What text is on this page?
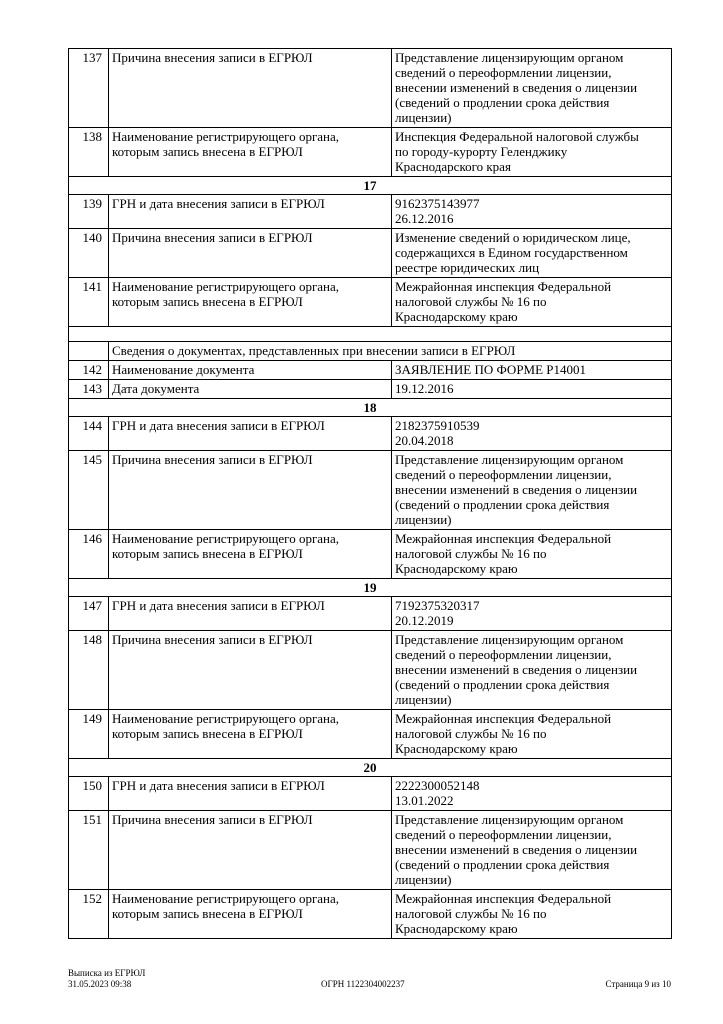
137	Причина внесения записи в ЕГРЮЛ	Представление лицензирующим органом
сведений о переоформлении лицензии,
внесении изменений в сведения о лицензии
(сведений о продлении срока действия
лицензии)
138	Наименование регистрирующего органа,
которым запись внесена в ЕГРЮЛ	Инспекция Федеральной налоговой службы
по городу-курорту Геленджику
Краснодарского края
17		
139	ГРН и дата внесения записи в ЕГРЮЛ	9162375143977
26.12.2016
140	Причина внесения записи в ЕГРЮЛ	Изменение сведений о юридическом лице,
содержащихся в Едином государственном
реестре юридических лиц
141	Наименование регистрирующего органа,
которым запись внесена в ЕГРЮЛ	Межрайонная инспекция Федеральной
налоговой службы № 16 по
Краснодарскому краю

	Сведения о документах, представленных при внесении записи в ЕГРЮЛ	
142	Наименование документа	ЗАЯВЛЕНИЕ ПО ФОРМЕ Р14001
143	Дата документа	19.12.2016
18		
144	ГРН и дата внесения записи в ЕГРЮЛ	2182375910539
20.04.2018
145	Причина внесения записи в ЕГРЮЛ	Представление лицензирующим органом
сведений о переоформлении лицензии,
внесении изменений в сведения о лицензии
(сведений о продлении срока действия
лицензии)
146	Наименование регистрирующего органа,
которым запись внесена в ЕГРЮЛ	Межрайонная инспекция Федеральной
налоговой службы № 16 по
Краснодарскому краю
19		
147	ГРН и дата внесения записи в ЕГРЮЛ	7192375320317
20.12.2019
148	Причина внесения записи в ЕГРЮЛ	Представление лицензирующим органом
сведений о переоформлении лицензии,
внесении изменений в сведения о лицензии
(сведений о продлении срока действия
лицензии)
149	Наименование регистрирующего органа,
которым запись внесена в ЕГРЮЛ	Межрайонная инспекция Федеральной
налоговой службы № 16 по
Краснодарскому краю
20		
150	ГРН и дата внесения записи в ЕГРЮЛ	2222300052148
13.01.2022
151	Причина внесения записи в ЕГРЮЛ	Представление лицензирующим органом
сведений о переоформлении лицензии,
внесении изменений в сведения о лицензии
(сведений о продлении срока действия
лицензии)
152	Наименование регистрирующего органа,
которым запись внесена в ЕГРЮЛ	Межрайонная инспекция Федеральной
налоговой службы № 16 по
Краснодарскому краю
Выписка из ЕГРЮЛ
31.05.2023 09:38	ОГРН 1122304002237	Страница 9 из 10
